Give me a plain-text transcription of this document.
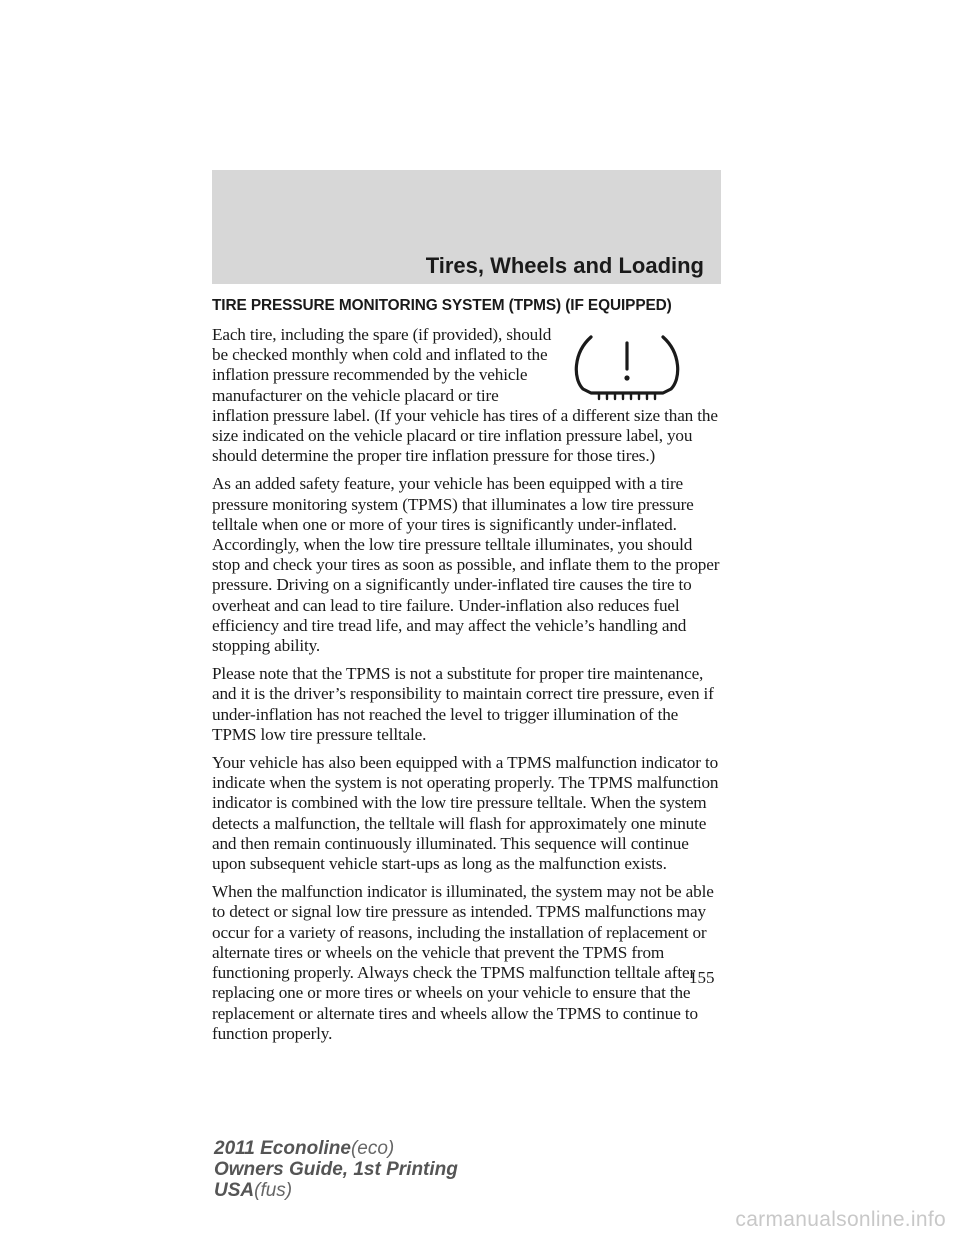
Tires, Wheels and Loading
TIRE PRESSURE MONITORING SYSTEM (TPMS) (IF EQUIPPED)

Each tire, including the spare (if provided), should be checked monthly when cold and inflated to the inflation pressure recommended by the vehicle manufacturer on the vehicle placard or tire inflation pressure label. (If your vehicle has tires of a different size than the size indicated on the vehicle placard or tire inflation pressure label, you should determine the proper tire inflation pressure for those tires.)

As an added safety feature, your vehicle has been equipped with a tire pressure monitoring system (TPMS) that illuminates a low tire pressure telltale when one or more of your tires is significantly under-inflated. Accordingly, when the low tire pressure telltale illuminates, you should stop and check your tires as soon as possible, and inflate them to the proper pressure. Driving on a significantly under-inflated tire causes the tire to overheat and can lead to tire failure. Under-inflation also reduces fuel efficiency and tire tread life, and may affect the vehicle’s handling and stopping ability.

Please note that the TPMS is not a substitute for proper tire maintenance, and it is the driver’s responsibility to maintain correct tire pressure, even if under-inflation has not reached the level to trigger illumination of the TPMS low tire pressure telltale.

Your vehicle has also been equipped with a TPMS malfunction indicator to indicate when the system is not operating properly. The TPMS malfunction indicator is combined with the low tire pressure telltale. When the system detects a malfunction, the telltale will flash for approximately one minute and then remain continuously illuminated. This sequence will continue upon subsequent vehicle start-ups as long as the malfunction exists.

When the malfunction indicator is illuminated, the system may not be able to detect or signal low tire pressure as intended. TPMS malfunctions may occur for a variety of reasons, including the installation of replacement or alternate tires or wheels on the vehicle that prevent the TPMS from functioning properly. Always check the TPMS malfunction telltale after replacing one or more tires or wheels on your vehicle to ensure that the replacement or alternate tires and wheels allow the TPMS to continue to function properly.

155
2011 Econoline(eco)
Owners Guide, 1st Printing
USA(fus)
carmanualsonline.info
